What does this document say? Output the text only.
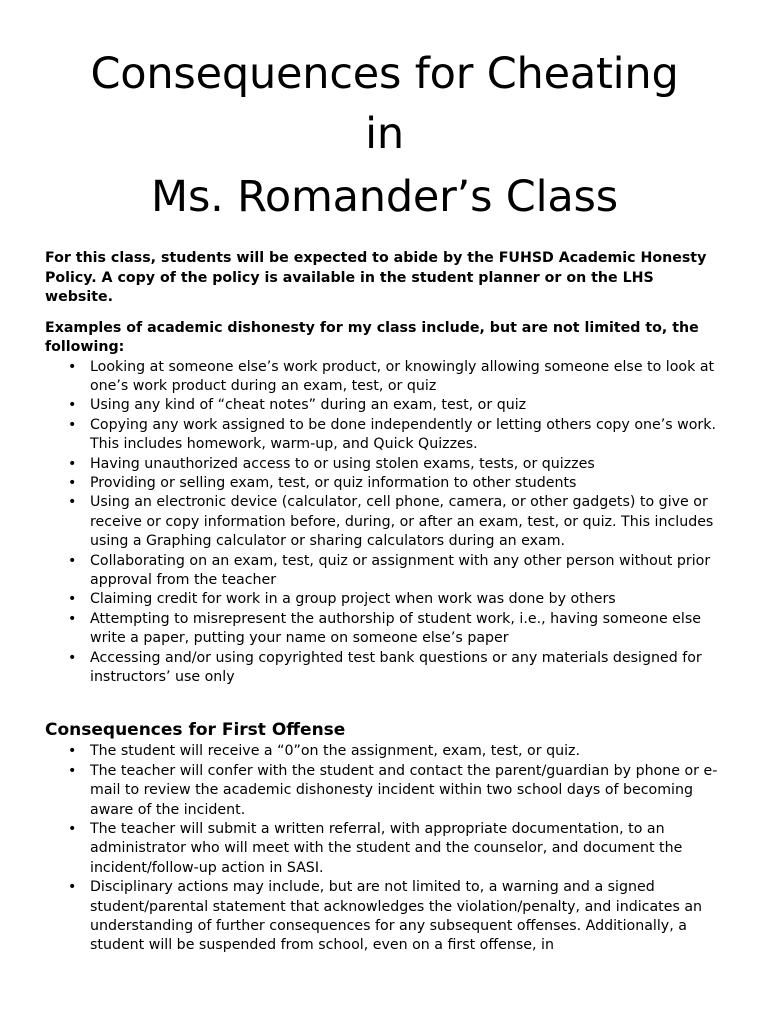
Consequences for Cheating
in
Ms. Romander’s Class

For this class, students will be expected to abide by the FUHSD Academic Honesty Policy. A copy of the policy is available in the student planner or on the LHS website.

Examples of academic dishonesty for my class include, but are not limited to, the following:

• Looking at someone else’s work product, or knowingly allowing someone else to look at one’s work product during an exam, test, or quiz
• Using any kind of “cheat notes” during an exam, test, or quiz
• Copying any work assigned to be done independently or letting others copy one’s work. This includes homework, warm-up, and Quick Quizzes.
• Having unauthorized access to or using stolen exams, tests, or quizzes
• Providing or selling exam, test, or quiz information to other students
• Using an electronic device (calculator, cell phone, camera, or other gadgets) to give or receive or copy information before, during, or after an exam, test, or quiz. This includes using a Graphing calculator or sharing calculators during an exam.
• Collaborating on an exam, test, quiz or assignment with any other person without prior approval from the teacher
• Claiming credit for work in a group project when work was done by others
• Attempting to misrepresent the authorship of student work, i.e., having someone else write a paper, putting your name on someone else’s paper
• Accessing and/or using copyrighted test bank questions or any materials designed for instructors’ use only
Consequences for First Offense
• The student will receive a “0”on the assignment, exam, test, or quiz.
• The teacher will confer with the student and contact the parent/guardian by phone or e-mail to review the academic dishonesty incident within two school days of becoming aware of the incident.
• The teacher will submit a written referral, with appropriate documentation, to an administrator who will meet with the student and the counselor, and document the incident/follow-up action in SASI.
• Disciplinary actions may include, but are not limited to, a warning and a signed student/parental statement that acknowledges the violation/penalty, and indicates an understanding of further consequences for any subsequent offenses. Additionally, a student will be suspended from school, even on a first offense, in
